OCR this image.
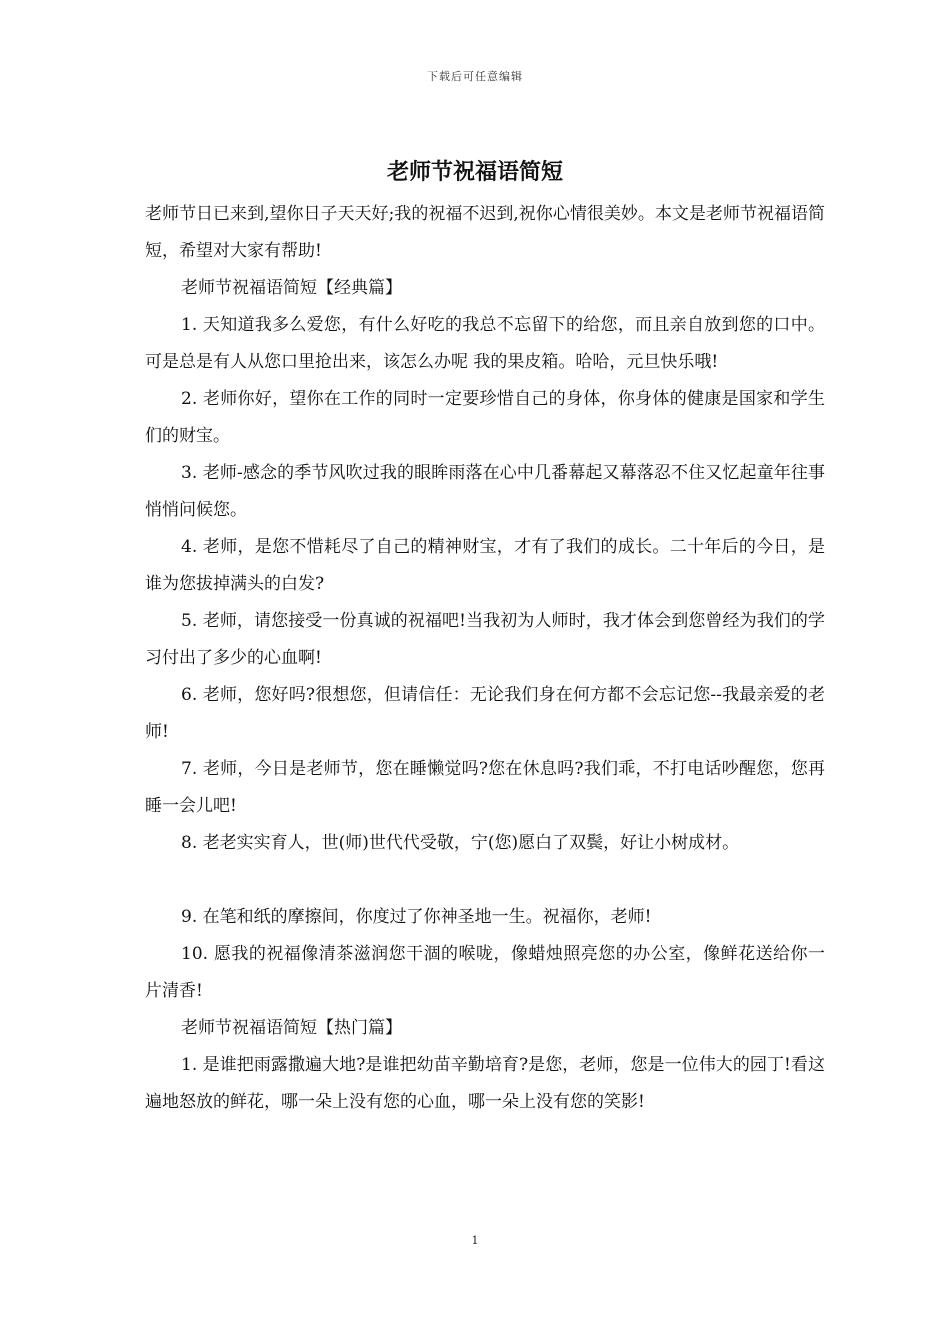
下载后可任意编辑
老师节祝福语简短

老师节日已来到,望你日子天天好;我的祝福不迟到,祝你心情很美妙。本文是老师节祝福语简短，希望对大家有帮助!

老师节祝福语简短【经典篇】

1. 天知道我多么爱您，有什么好吃的我总不忘留下的给您，而且亲自放到您的口中。可是总是有人从您口里抢出来，该怎么办呢 我的果皮箱。哈哈，元旦快乐哦!

2. 老师你好，望你在工作的同时一定要珍惜自己的身体，你身体的健康是国家和学生们的财宝。

3. 老师-感念的季节风吹过我的眼眸雨落在心中几番幕起又幕落忍不住又忆起童年往事悄悄问候您。

4. 老师，是您不惜耗尽了自己的精神财宝，才有了我们的成长。二十年后的今日，是谁为您拔掉满头的白发?

5. 老师，请您接受一份真诚的祝福吧!当我初为人师时，我才体会到您曾经为我们的学习付出了多少的心血啊!

6. 老师，您好吗?很想您，但请信任：无论我们身在何方都不会忘记您--我最亲爱的老师!

7. 老师，今日是老师节，您在睡懒觉吗?您在休息吗?我们乖，不打电话吵醒您，您再睡一会儿吧!

8. 老老实实育人，世(师)世代代受敬，宁(您)愿白了双鬓，好让小树成材。

9. 在笔和纸的摩擦间，你度过了你神圣地一生。祝福你，老师!

10. 愿我的祝福像清茶滋润您干涸的喉咙，像蜡烛照亮您的办公室，像鲜花送给你一片清香!

老师节祝福语简短【热门篇】

1. 是谁把雨露撒遍大地?是谁把幼苗辛勤培育?是您，老师，您是一位伟大的园丁!看这遍地怒放的鲜花，哪一朵上没有您的心血，哪一朵上没有您的笑影!

1
